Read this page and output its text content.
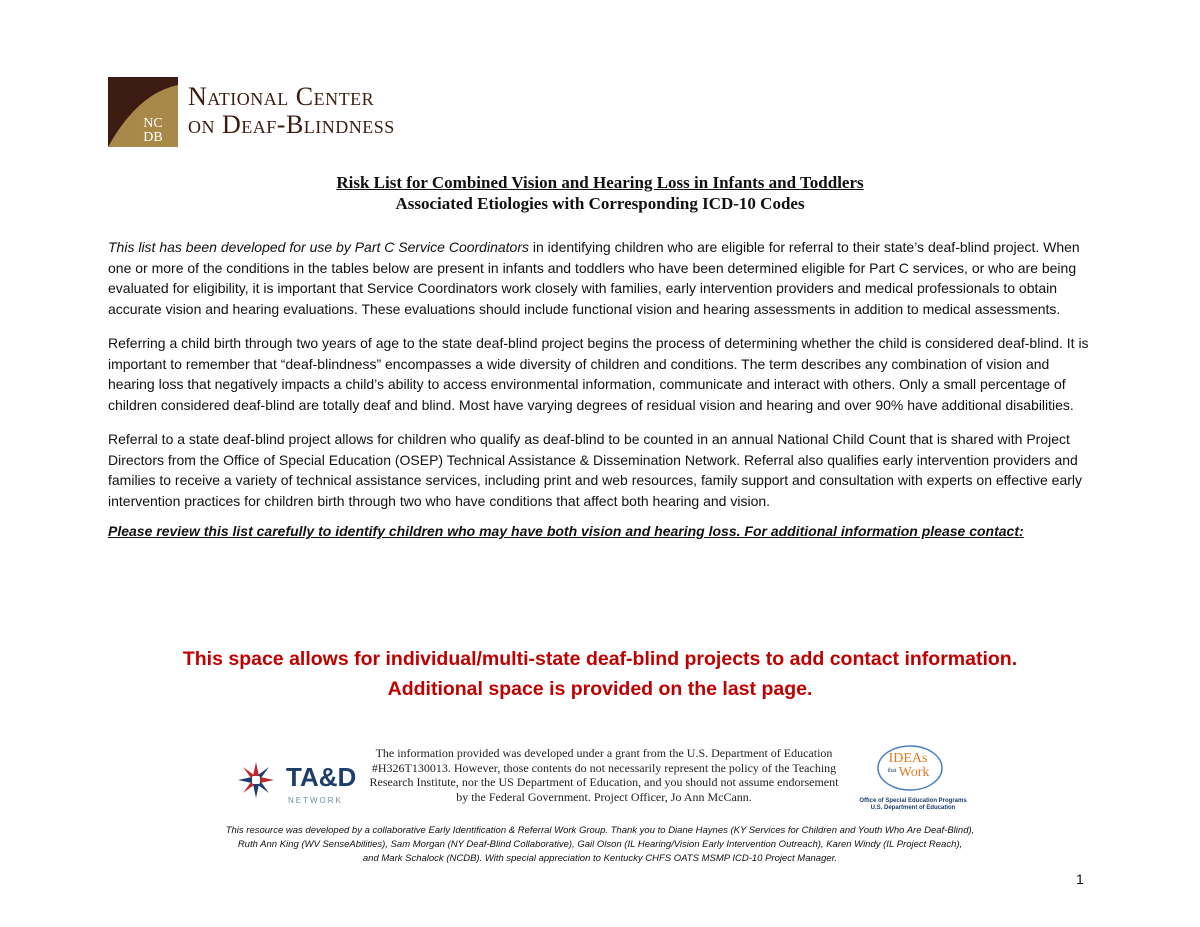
NC
DB
National Center
on Deaf-Blindness
Risk List for Combined Vision and Hearing Loss in Infants and Toddlers
Associated Etiologies with Corresponding ICD-10 Codes

This list has been developed for use by Part C Service Coordinators in identifying children who are eligible for referral to their state’s deaf-blind project. When one or more of the conditions in the tables below are present in infants and toddlers who have been determined eligible for Part C services, or who are being evaluated for eligibility, it is important that Service Coordinators work closely with families, early intervention providers and medical professionals to obtain accurate vision and hearing evaluations. These evaluations should include functional vision and hearing assessments in addition to medical assessments.

Referring a child birth through two years of age to the state deaf-blind project begins the process of determining whether the child is considered deaf-blind. It is important to remember that “deaf-blindness” encompasses a wide diversity of children and conditions. The term describes any combination of vision and hearing loss that negatively impacts a child’s ability to access environmental information, communicate and interact with others. Only a small percentage of children considered deaf-blind are totally deaf and blind. Most have varying degrees of residual vision and hearing and over 90% have additional disabilities.

Referral to a state deaf-blind project allows for children who qualify as deaf-blind to be counted in an annual National Child Count that is shared with Project Directors from the Office of Special Education (OSEP) Technical Assistance & Dissemination Network. Referral also qualifies early intervention providers and families to receive a variety of technical assistance services, including print and web resources, family support and consultation with experts on effective early intervention practices for children birth through two who have conditions that affect both hearing and vision.

Please review this list carefully to identify children who may have both vision and hearing loss. For additional information please contact:

This space allows for individual/multi-state deaf-blind projects to add contact information.
Additional space is provided on the last page.
TA&D
NETWORK
The information provided was developed under a grant from the U.S. Department of Education #H326T130013. However, those contents do not necessarily represent the policy of the Teaching Research Institute, nor the US Department of Education, and you should not assume endorsement by the Federal Government. Project Officer, Jo Ann McCann.
IDEAs
that Work
Office of Special Education Programs
U.S. Department of Education
This resource was developed by a collaborative Early Identification & Referral Work Group. Thank you to Diane Haynes (KY Services for Children and Youth Who Are Deaf-Blind),
Ruth Ann King (WV SenseAbilities), Sam Morgan (NY Deaf-Blind Collaborative), Gail Olson (IL Hearing/Vision Early Intervention Outreach), Karen Windy (IL Project Reach),
and Mark Schalock (NCDB). With special appreciation to Kentucky CHFS OATS MSMP ICD-10 Project Manager.
1
